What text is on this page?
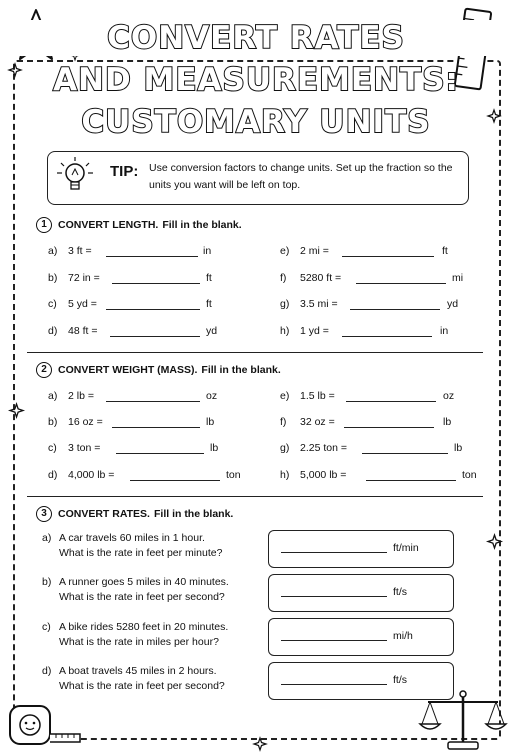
CONVERT RATES
AND MEASUREMENTS:
CUSTOMARY UNITS
TIP: Use conversion factors to change units. Set up the fraction so the units you want will be left on top.
1 CONVERT LENGTH. Fill in the blank.
a) 3 ft =	in
b) 72 in =	ft
c) 5 yd =	ft
d) 48 ft =	yd
e) 2 mi =	ft
f) 5280 ft =	mi
g) 3.5 mi =	yd
h) 1 yd =	in
2 CONVERT WEIGHT (MASS). Fill in the blank.
a) 2 lb =	oz
b) 16 oz =	lb
c) 3 ton =	lb
d) 4,000 lb =	ton
e) 1.5 lb =	oz
f) 32 oz =	lb
g) 2.25 ton =	lb
h) 5,000 lb =	ton
3 CONVERT RATES. Fill in the blank.
a) A car travels 60 miles in 1 hour.
What is the rate in feet per minute?	ft/min
b) A runner goes 5 miles in 40 minutes.
What is the rate in feet per second?	ft/s
c) A bike rides 5280 feet in 20 minutes.
What is the rate in miles per hour?	mi/h
d) A boat travels 45 miles in 2 hours.
What is the rate in feet per second?	ft/s
